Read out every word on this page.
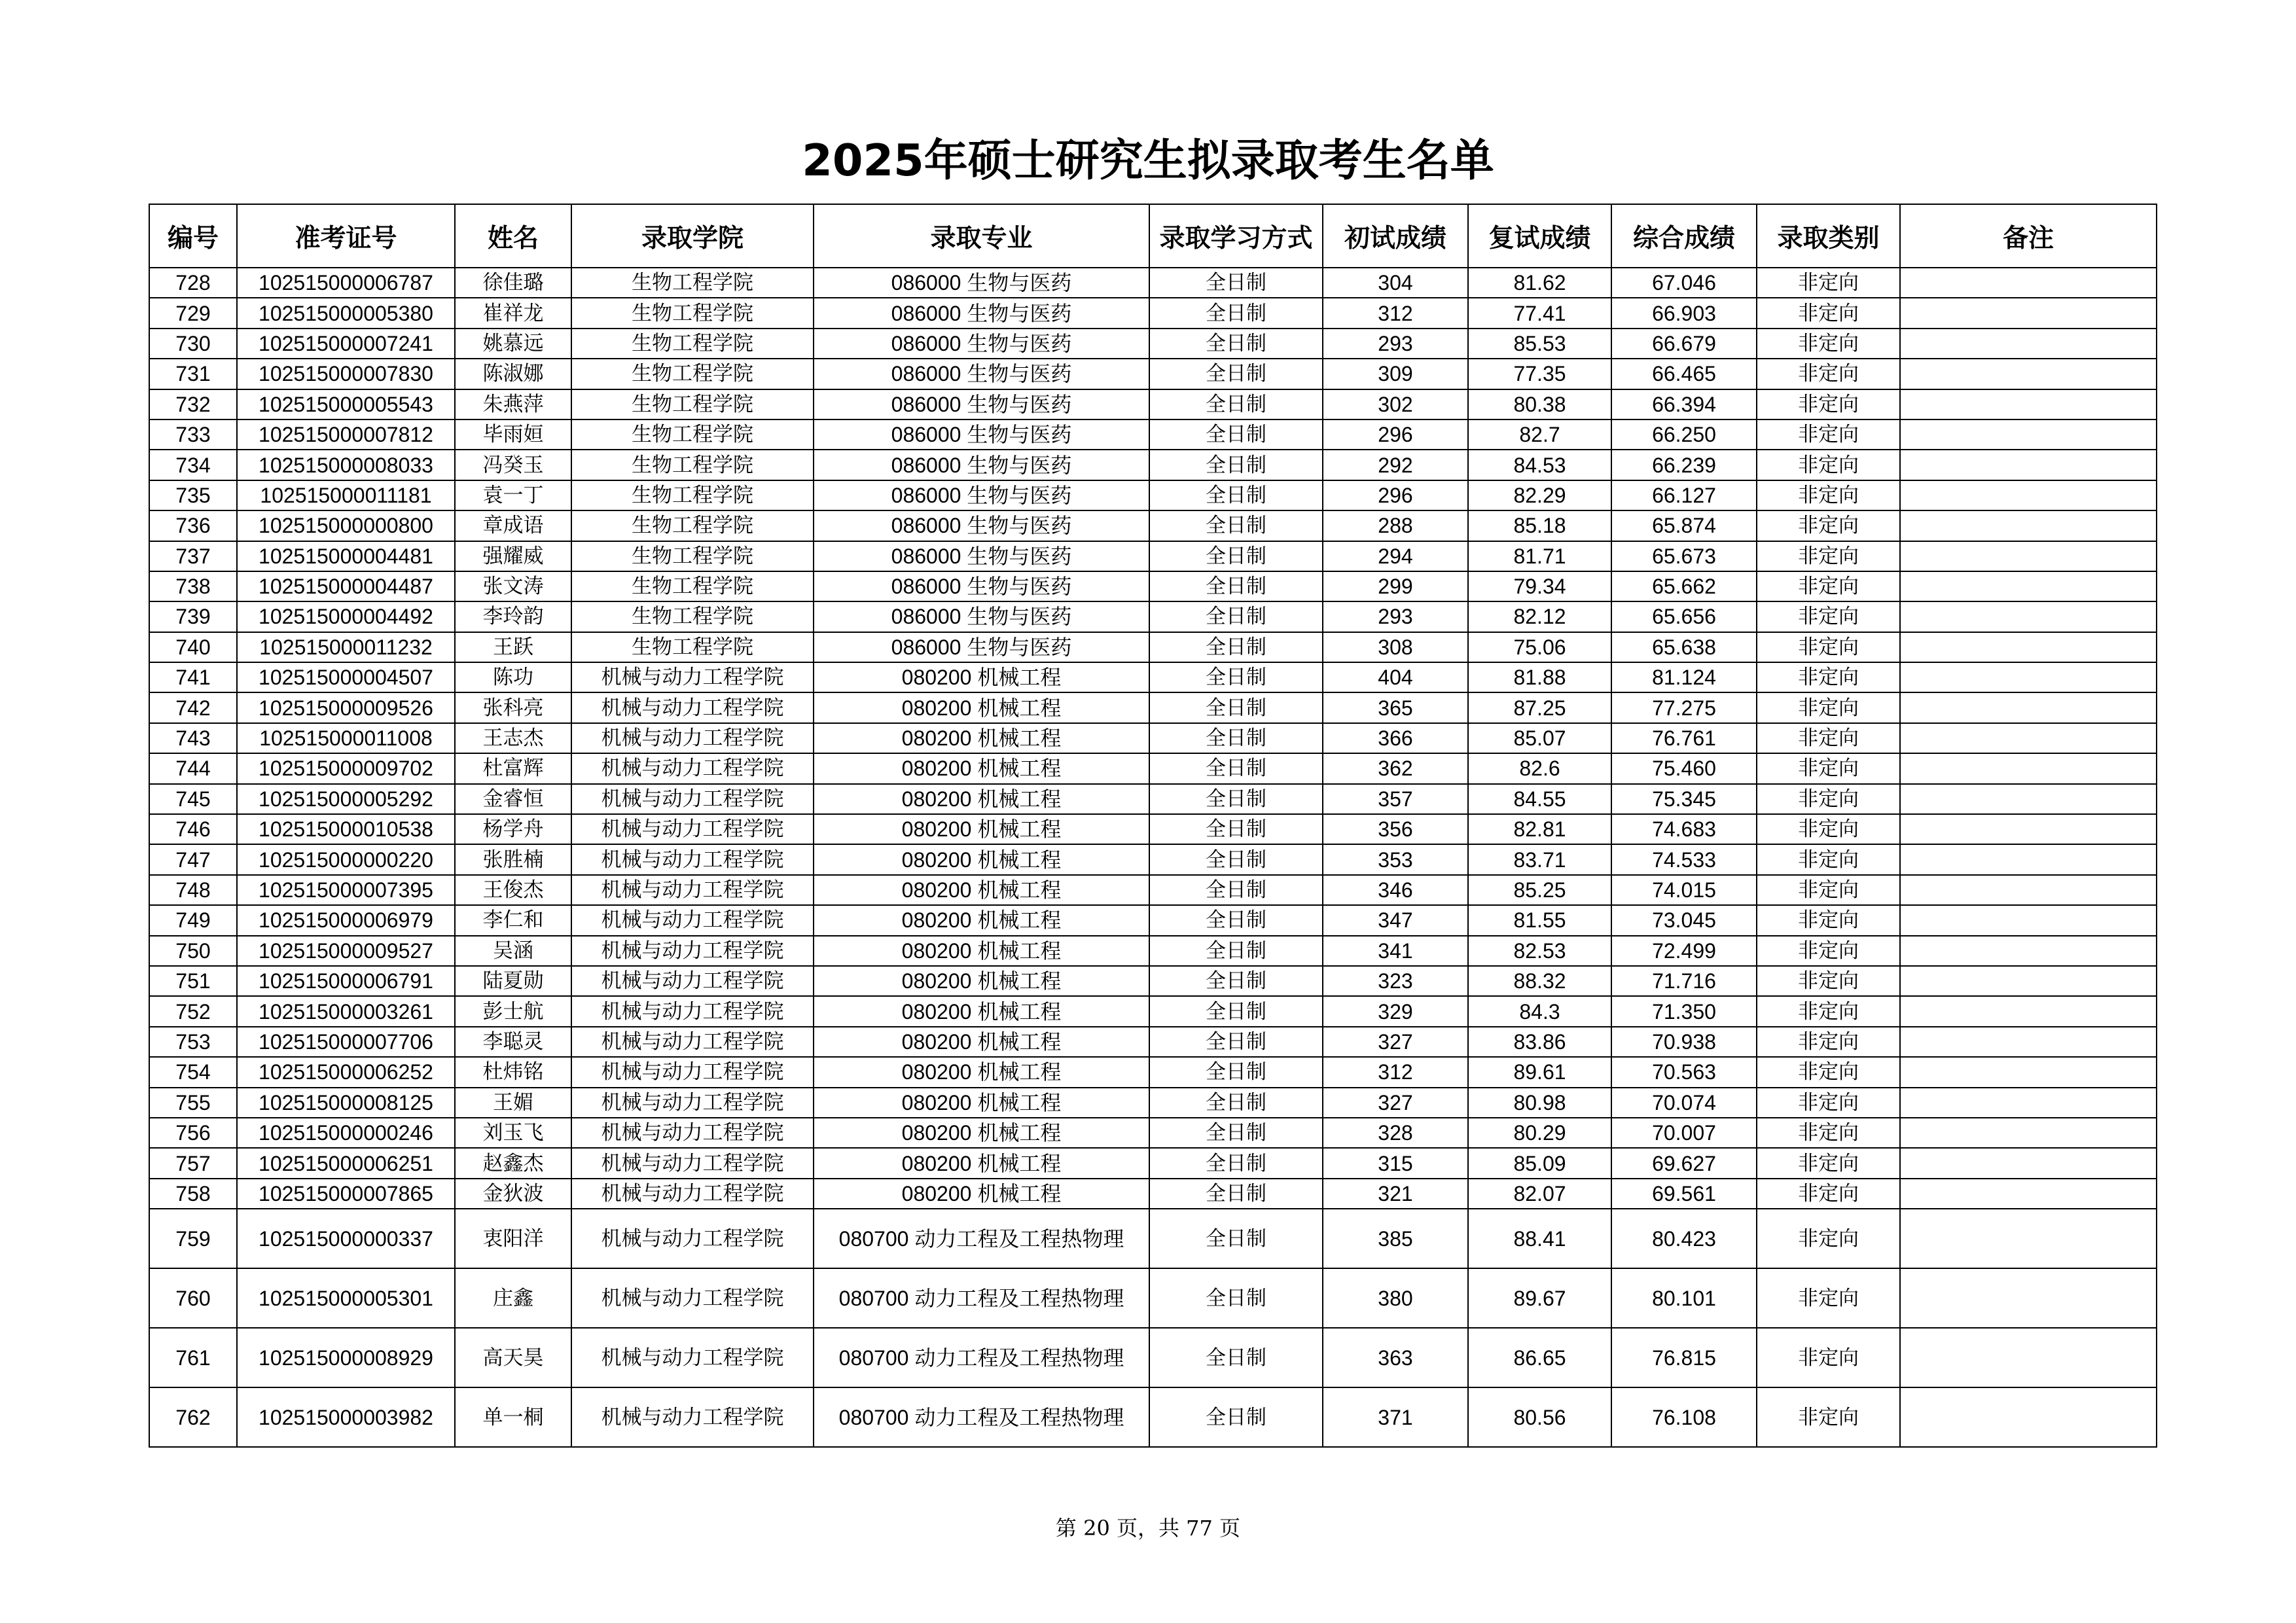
2025年硕士研究生拟录取考生名单
编号	准考证号	姓名	录取学院	录取专业	录取学习方式	初试成绩	复试成绩	综合成绩	录取类别	备注
728	102515000006787	徐佳璐	生物工程学院	086000 生物与医药	全日制	304	81.62	67.046	非定向	
729	102515000005380	崔祥龙	生物工程学院	086000 生物与医药	全日制	312	77.41	66.903	非定向	
730	102515000007241	姚慕远	生物工程学院	086000 生物与医药	全日制	293	85.53	66.679	非定向	
731	102515000007830	陈淑娜	生物工程学院	086000 生物与医药	全日制	309	77.35	66.465	非定向	
732	102515000005543	朱燕萍	生物工程学院	086000 生物与医药	全日制	302	80.38	66.394	非定向	
733	102515000007812	毕雨姮	生物工程学院	086000 生物与医药	全日制	296	82.7	66.250	非定向	
734	102515000008033	冯癸玉	生物工程学院	086000 生物与医药	全日制	292	84.53	66.239	非定向	
735	102515000011181	袁一丁	生物工程学院	086000 生物与医药	全日制	296	82.29	66.127	非定向	
736	102515000000800	章成语	生物工程学院	086000 生物与医药	全日制	288	85.18	65.874	非定向	
737	102515000004481	强耀威	生物工程学院	086000 生物与医药	全日制	294	81.71	65.673	非定向	
738	102515000004487	张文涛	生物工程学院	086000 生物与医药	全日制	299	79.34	65.662	非定向	
739	102515000004492	李玲韵	生物工程学院	086000 生物与医药	全日制	293	82.12	65.656	非定向	
740	102515000011232	王跃	生物工程学院	086000 生物与医药	全日制	308	75.06	65.638	非定向	
741	102515000004507	陈功	机械与动力工程学院	080200 机械工程	全日制	404	81.88	81.124	非定向	
742	102515000009526	张科亮	机械与动力工程学院	080200 机械工程	全日制	365	87.25	77.275	非定向	
743	102515000011008	王志杰	机械与动力工程学院	080200 机械工程	全日制	366	85.07	76.761	非定向	
744	102515000009702	杜富辉	机械与动力工程学院	080200 机械工程	全日制	362	82.6	75.460	非定向	
745	102515000005292	金睿恒	机械与动力工程学院	080200 机械工程	全日制	357	84.55	75.345	非定向	
746	102515000010538	杨学舟	机械与动力工程学院	080200 机械工程	全日制	356	82.81	74.683	非定向	
747	102515000000220	张胜楠	机械与动力工程学院	080200 机械工程	全日制	353	83.71	74.533	非定向	
748	102515000007395	王俊杰	机械与动力工程学院	080200 机械工程	全日制	346	85.25	74.015	非定向	
749	102515000006979	李仁和	机械与动力工程学院	080200 机械工程	全日制	347	81.55	73.045	非定向	
750	102515000009527	吴涵	机械与动力工程学院	080200 机械工程	全日制	341	82.53	72.499	非定向	
751	102515000006791	陆夏勋	机械与动力工程学院	080200 机械工程	全日制	323	88.32	71.716	非定向	
752	102515000003261	彭士航	机械与动力工程学院	080200 机械工程	全日制	329	84.3	71.350	非定向	
753	102515000007706	李聪灵	机械与动力工程学院	080200 机械工程	全日制	327	83.86	70.938	非定向	
754	102515000006252	杜炜铭	机械与动力工程学院	080200 机械工程	全日制	312	89.61	70.563	非定向	
755	102515000008125	王媚	机械与动力工程学院	080200 机械工程	全日制	327	80.98	70.074	非定向	
756	102515000000246	刘玉飞	机械与动力工程学院	080200 机械工程	全日制	328	80.29	70.007	非定向	
757	102515000006251	赵鑫杰	机械与动力工程学院	080200 机械工程	全日制	315	85.09	69.627	非定向	
758	102515000007865	金狄波	机械与动力工程学院	080200 机械工程	全日制	321	82.07	69.561	非定向	
759	102515000000337	衷阳洋	机械与动力工程学院	080700 动力工程及工程热物理	全日制	385	88.41	80.423	非定向	
760	102515000005301	庄鑫	机械与动力工程学院	080700 动力工程及工程热物理	全日制	380	89.67	80.101	非定向	
761	102515000008929	高天昊	机械与动力工程学院	080700 动力工程及工程热物理	全日制	363	86.65	76.815	非定向	
762	102515000003982	单一桐	机械与动力工程学院	080700 动力工程及工程热物理	全日制	371	80.56	76.108	非定向	
第 20 页，共 77 页
